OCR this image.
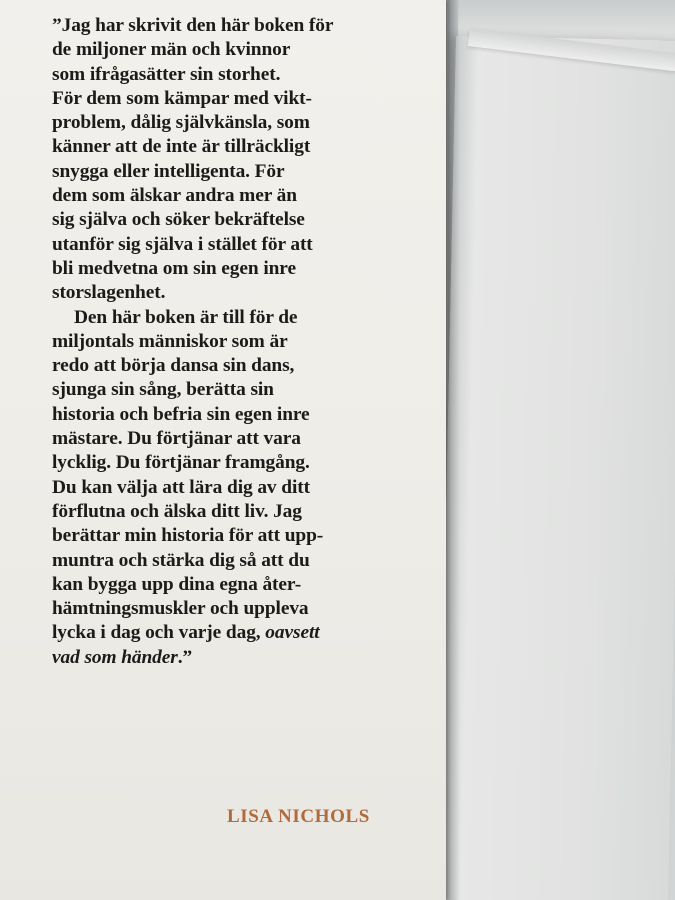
”Jag har skrivit den här boken för
de miljoner män och kvinnor
som ifrågasätter sin storhet.
För dem som kämpar med vikt-
problem, dålig självkänsla, som
känner att de inte är tillräckligt
snygga eller intelligenta. För
dem som älskar andra mer än
sig själva och söker bekräftelse
utanför sig själva i stället för att
bli medvetna om sin egen inre
storslagenhet.
Den här boken är till för de
miljontals människor som är
redo att börja dansa sin dans,
sjunga sin sång, berätta sin
historia och befria sin egen inre
mästare. Du förtjänar att vara
lycklig. Du förtjänar framgång.
Du kan välja att lära dig av ditt
förflutna och älska ditt liv. Jag
berättar min historia för att upp-
muntra och stärka dig så att du
kan bygga upp dina egna åter-
hämtningsmuskler och uppleva
lycka i dag och varje dag, oavsett
vad som händer.”
LISA NICHOLS
